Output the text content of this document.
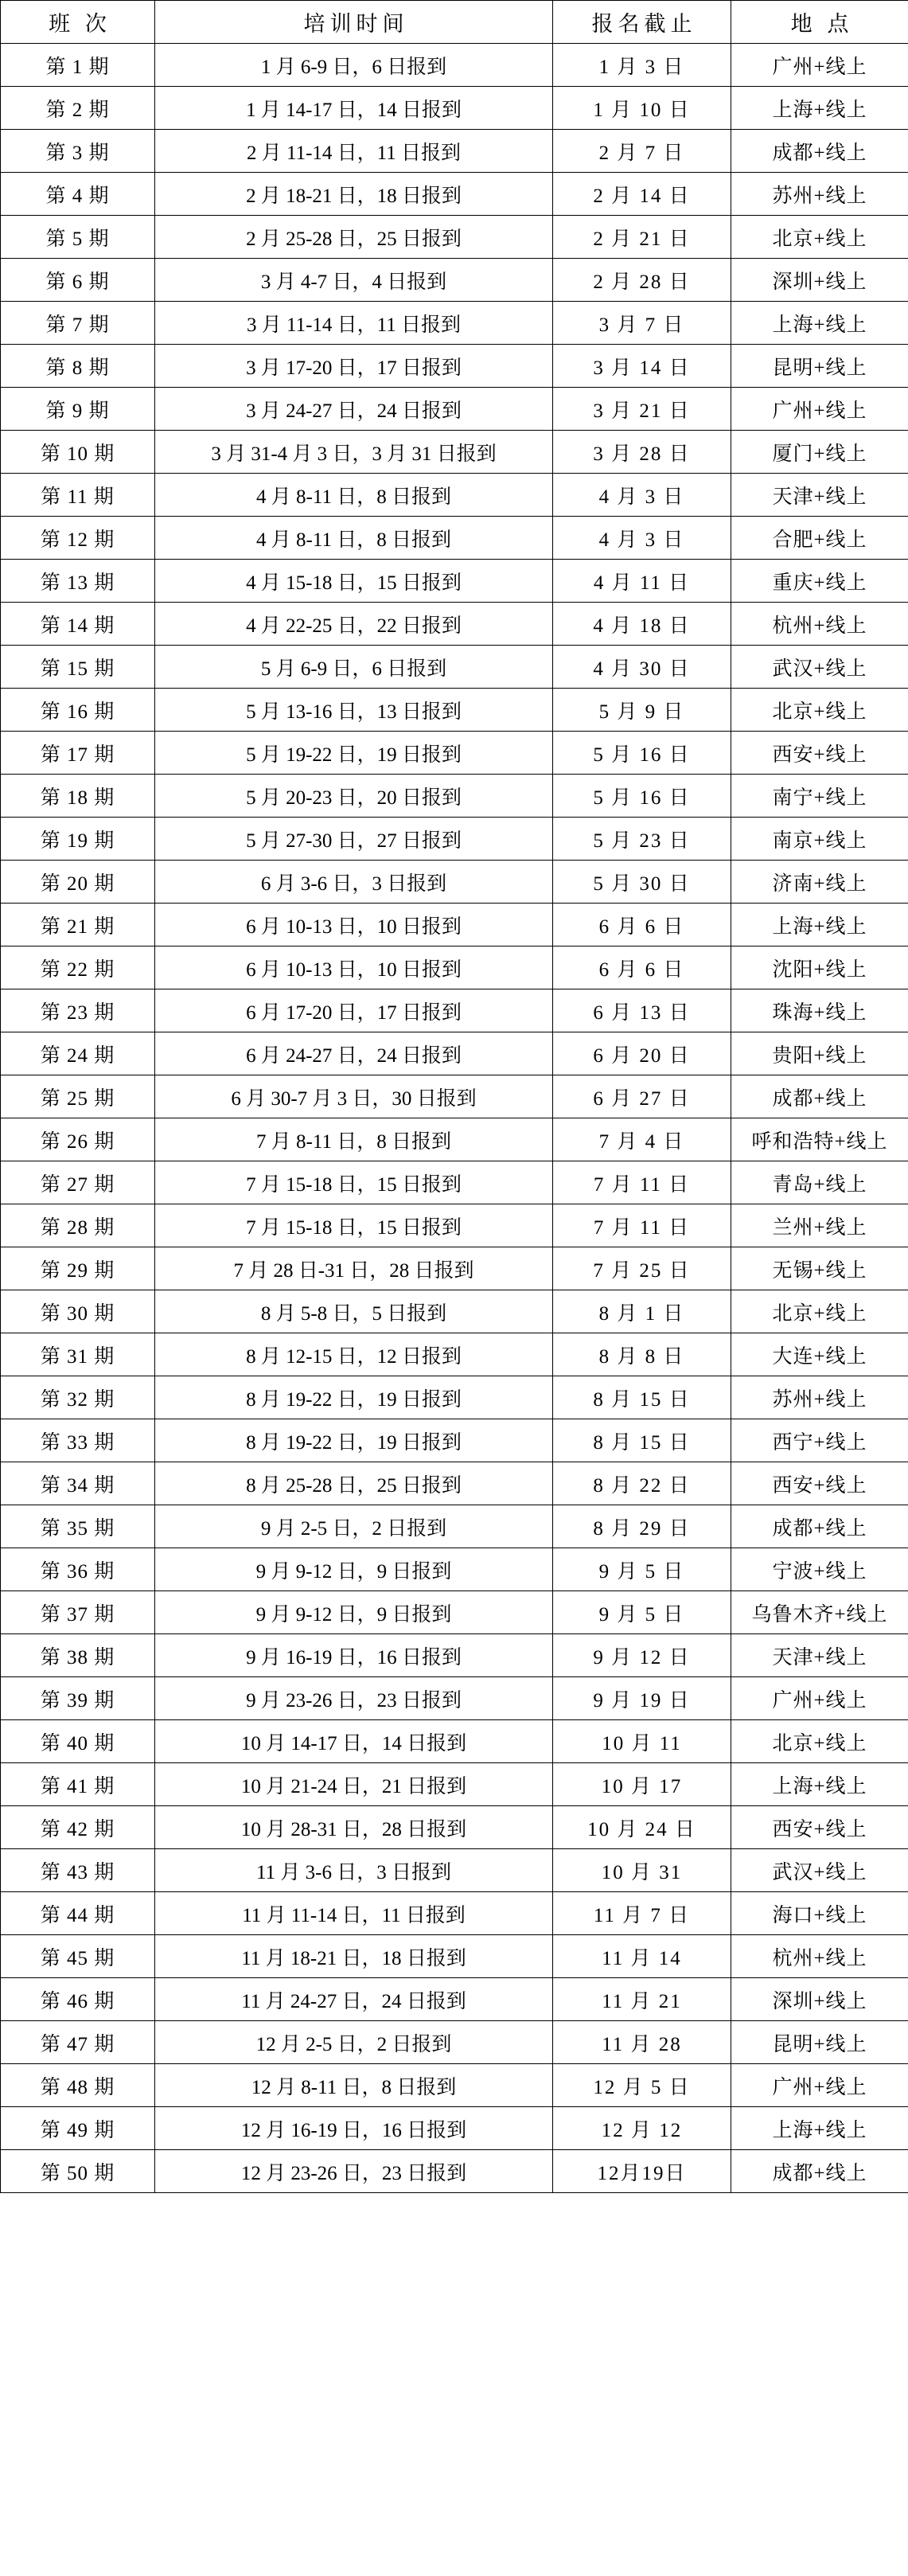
班 次	培训时间	报名截止	地 点
第 1 期	1 月 6-9 日，6 日报到	1 月 3 日	广州+线上
第 2 期	1 月 14-17 日，14 日报到	1 月 10 日	上海+线上
第 3 期	2 月 11-14 日，11 日报到	2 月 7 日	成都+线上
第 4 期	2 月 18-21 日，18 日报到	2 月 14 日	苏州+线上
第 5 期	2 月 25-28 日，25 日报到	2 月 21 日	北京+线上
第 6 期	3 月 4-7 日，4 日报到	2 月 28 日	深圳+线上
第 7 期	3 月 11-14 日，11 日报到	3 月 7 日	上海+线上
第 8 期	3 月 17-20 日，17 日报到	3 月 14 日	昆明+线上
第 9 期	3 月 24-27 日，24 日报到	3 月 21 日	广州+线上
第 10 期	3 月 31-4 月 3 日，3 月 31 日报到	3 月 28 日	厦门+线上
第 11 期	4 月 8-11 日，8 日报到	4 月 3 日	天津+线上
第 12 期	4 月 8-11 日，8 日报到	4 月 3 日	合肥+线上
第 13 期	4 月 15-18 日，15 日报到	4 月 11 日	重庆+线上
第 14 期	4 月 22-25 日，22 日报到	4 月 18 日	杭州+线上
第 15 期	5 月 6-9 日，6 日报到	4 月 30 日	武汉+线上
第 16 期	5 月 13-16 日，13 日报到	5 月 9 日	北京+线上
第 17 期	5 月 19-22 日，19 日报到	5 月 16 日	西安+线上
第 18 期	5 月 20-23 日，20 日报到	5 月 16 日	南宁+线上
第 19 期	5 月 27-30 日，27 日报到	5 月 23 日	南京+线上
第 20 期	6 月 3-6 日，3 日报到	5 月 30 日	济南+线上
第 21 期	6 月 10-13 日，10 日报到	6 月 6 日	上海+线上
第 22 期	6 月 10-13 日，10 日报到	6 月 6 日	沈阳+线上
第 23 期	6 月 17-20 日，17 日报到	6 月 13 日	珠海+线上
第 24 期	6 月 24-27 日，24 日报到	6 月 20 日	贵阳+线上
第 25 期	6 月 30-7 月 3 日，30 日报到	6 月 27 日	成都+线上
第 26 期	7 月 8-11 日，8 日报到	7 月 4 日	呼和浩特+线上
第 27 期	7 月 15-18 日，15 日报到	7 月 11 日	青岛+线上
第 28 期	7 月 15-18 日，15 日报到	7 月 11 日	兰州+线上
第 29 期	7 月 28 日-31 日，28 日报到	7 月 25 日	无锡+线上
第 30 期	8 月 5-8 日，5 日报到	8 月 1 日	北京+线上
第 31 期	8 月 12-15 日，12 日报到	8 月 8 日	大连+线上
第 32 期	8 月 19-22 日，19 日报到	8 月 15 日	苏州+线上
第 33 期	8 月 19-22 日，19 日报到	8 月 15 日	西宁+线上
第 34 期	8 月 25-28 日，25 日报到	8 月 22 日	西安+线上
第 35 期	9 月 2-5 日，2 日报到	8 月 29 日	成都+线上
第 36 期	9 月 9-12 日，9 日报到	9 月 5 日	宁波+线上
第 37 期	9 月 9-12 日，9 日报到	9 月 5 日	乌鲁木齐+线上
第 38 期	9 月 16-19 日，16 日报到	9 月 12 日	天津+线上
第 39 期	9 月 23-26 日，23 日报到	9 月 19 日	广州+线上
第 40 期	10 月 14-17 日，14 日报到	10 月 11	北京+线上
第 41 期	10 月 21-24 日，21 日报到	10 月 17	上海+线上
第 42 期	10 月 28-31 日，28 日报到	10 月 24 日	西安+线上
第 43 期	11 月 3-6 日，3 日报到	10 月 31	武汉+线上
第 44 期	11 月 11-14 日，11 日报到	11 月 7 日	海口+线上
第 45 期	11 月 18-21 日，18 日报到	11 月 14	杭州+线上
第 46 期	11 月 24-27 日，24 日报到	11 月 21	深圳+线上
第 47 期	12 月 2-5 日，2 日报到	11 月 28	昆明+线上
第 48 期	12 月 8-11 日，8 日报到	12 月 5 日	广州+线上
第 49 期	12 月 16-19 日，16 日报到	12 月 12	上海+线上
第 50 期	12 月 23-26 日，23 日报到	12月19日	成都+线上
